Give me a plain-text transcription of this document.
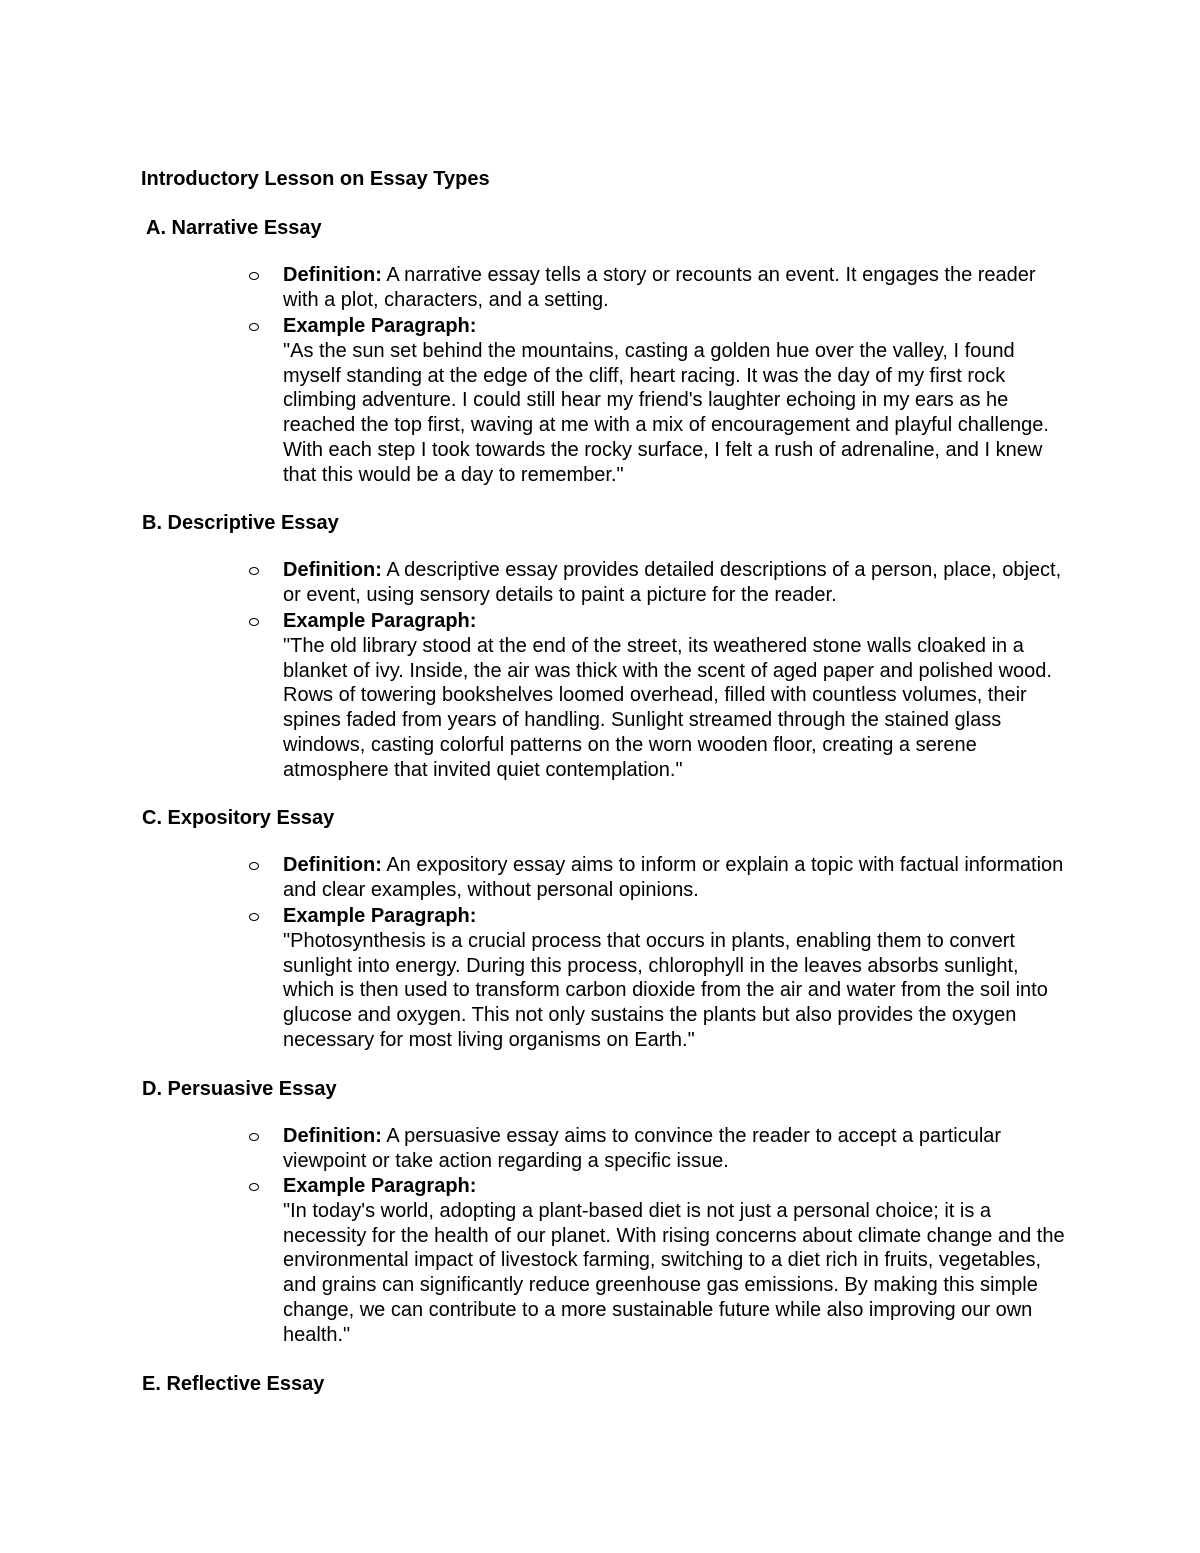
Introductory Lesson on Essay Types
A. Narrative Essay
Definition: A narrative essay tells a story or recounts an event. It engages the reader with a plot, characters, and a setting.
Example Paragraph:
"As the sun set behind the mountains, casting a golden hue over the valley, I found myself standing at the edge of the cliff, heart racing. It was the day of my first rock climbing adventure. I could still hear my friend's laughter echoing in my ears as he reached the top first, waving at me with a mix of encouragement and playful challenge. With each step I took towards the rocky surface, I felt a rush of adrenaline, and I knew that this would be a day to remember."
B. Descriptive Essay
Definition: A descriptive essay provides detailed descriptions of a person, place, object, or event, using sensory details to paint a picture for the reader.
Example Paragraph:
"The old library stood at the end of the street, its weathered stone walls cloaked in a blanket of ivy. Inside, the air was thick with the scent of aged paper and polished wood. Rows of towering bookshelves loomed overhead, filled with countless volumes, their spines faded from years of handling. Sunlight streamed through the stained glass windows, casting colorful patterns on the worn wooden floor, creating a serene atmosphere that invited quiet contemplation."
C. Expository Essay
Definition: An expository essay aims to inform or explain a topic with factual information and clear examples, without personal opinions.
Example Paragraph:
"Photosynthesis is a crucial process that occurs in plants, enabling them to convert sunlight into energy. During this process, chlorophyll in the leaves absorbs sunlight, which is then used to transform carbon dioxide from the air and water from the soil into glucose and oxygen. This not only sustains the plants but also provides the oxygen necessary for most living organisms on Earth."
D. Persuasive Essay
Definition: A persuasive essay aims to convince the reader to accept a particular viewpoint or take action regarding a specific issue.
Example Paragraph:
"In today's world, adopting a plant-based diet is not just a personal choice; it is a necessity for the health of our planet. With rising concerns about climate change and the environmental impact of livestock farming, switching to a diet rich in fruits, vegetables, and grains can significantly reduce greenhouse gas emissions. By making this simple change, we can contribute to a more sustainable future while also improving our own health."
E. Reflective Essay
